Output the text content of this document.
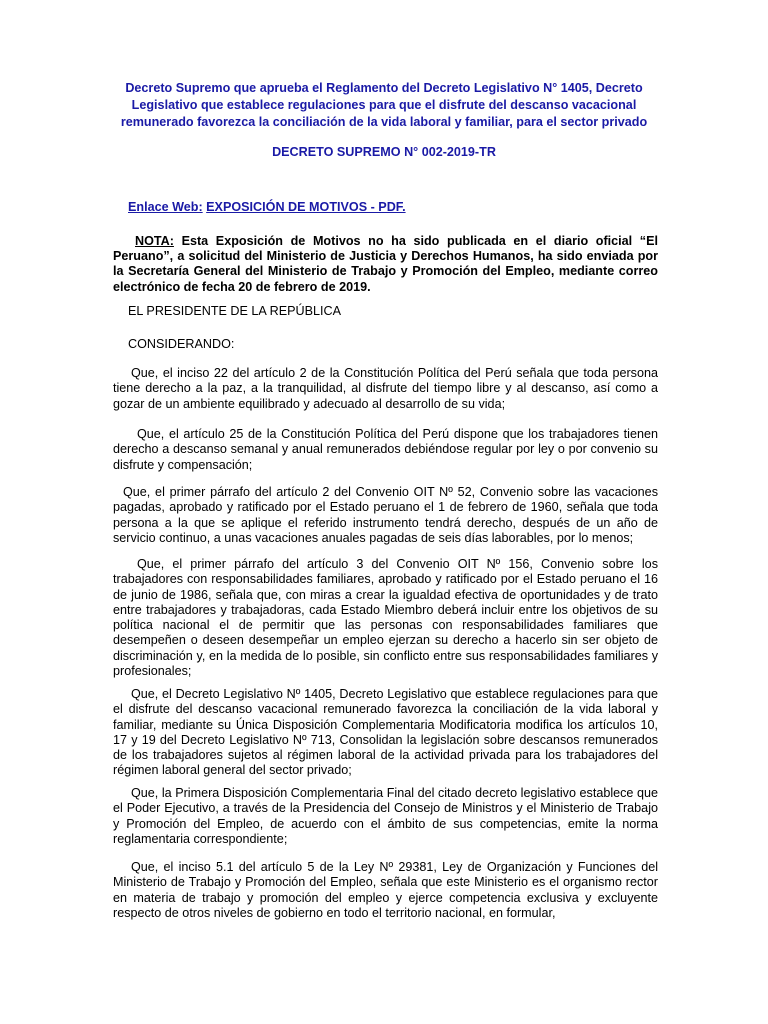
Decreto Supremo que aprueba el Reglamento del Decreto Legislativo N° 1405, Decreto Legislativo que establece regulaciones para que el disfrute del descanso vacacional remunerado favorezca la conciliación de la vida laboral y familiar, para el sector privado

DECRETO SUPREMO N° 002-2019-TR

Enlace Web: EXPOSICIÓN DE MOTIVOS - PDF.

NOTA: Esta Exposición de Motivos no ha sido publicada en el diario oficial “El Peruano”, a solicitud del Ministerio de Justicia y Derechos Humanos, ha sido enviada por la Secretaría General del Ministerio de Trabajo y Promoción del Empleo, mediante correo electrónico de fecha 20 de febrero de 2019.

EL PRESIDENTE DE LA REPÚBLICA

CONSIDERANDO:

Que, el inciso 22 del artículo 2 de la Constitución Política del Perú señala que toda persona tiene derecho a la paz, a la tranquilidad, al disfrute del tiempo libre y al descanso, así como a gozar de un ambiente equilibrado y adecuado al desarrollo de su vida;

Que, el artículo 25 de la Constitución Política del Perú dispone que los trabajadores tienen derecho a descanso semanal y anual remunerados debiéndose regular por ley o por convenio su disfrute y compensación;

Que, el primer párrafo del artículo 2 del Convenio OIT Nº 52, Convenio sobre las vacaciones pagadas, aprobado y ratificado por el Estado peruano el 1 de febrero de 1960, señala que toda persona a la que se aplique el referido instrumento tendrá derecho, después de un año de servicio continuo, a unas vacaciones anuales pagadas de seis días laborables, por lo menos;

Que, el primer párrafo del artículo 3 del Convenio OIT Nº 156, Convenio sobre los trabajadores con responsabilidades familiares, aprobado y ratificado por el Estado peruano el 16 de junio de 1986, señala que, con miras a crear la igualdad efectiva de oportunidades y de trato entre trabajadores y trabajadoras, cada Estado Miembro deberá incluir entre los objetivos de su política nacional el de permitir que las personas con responsabilidades familiares que desempeñen o deseen desempeñar un empleo ejerzan su derecho a hacerlo sin ser objeto de discriminación y, en la medida de lo posible, sin conflicto entre sus responsabilidades familiares y profesionales;

Que, el Decreto Legislativo Nº 1405, Decreto Legislativo que establece regulaciones para que el disfrute del descanso vacacional remunerado favorezca la conciliación de la vida laboral y familiar, mediante su Única Disposición Complementaria Modificatoria modifica los artículos 10, 17 y 19 del Decreto Legislativo Nº 713, Consolidan la legislación sobre descansos remunerados de los trabajadores sujetos al régimen laboral de la actividad privada para los trabajadores del régimen laboral general del sector privado;

Que, la Primera Disposición Complementaria Final del citado decreto legislativo establece que el Poder Ejecutivo, a través de la Presidencia del Consejo de Ministros y el Ministerio de Trabajo y Promoción del Empleo, de acuerdo con el ámbito de sus competencias, emite la norma reglamentaria correspondiente;

Que, el inciso 5.1 del artículo 5 de la Ley Nº 29381, Ley de Organización y Funciones del Ministerio de Trabajo y Promoción del Empleo, señala que este Ministerio es el organismo rector en materia de trabajo y promoción del empleo y ejerce competencia exclusiva y excluyente respecto de otros niveles de gobierno en todo el territorio nacional, en formular,
